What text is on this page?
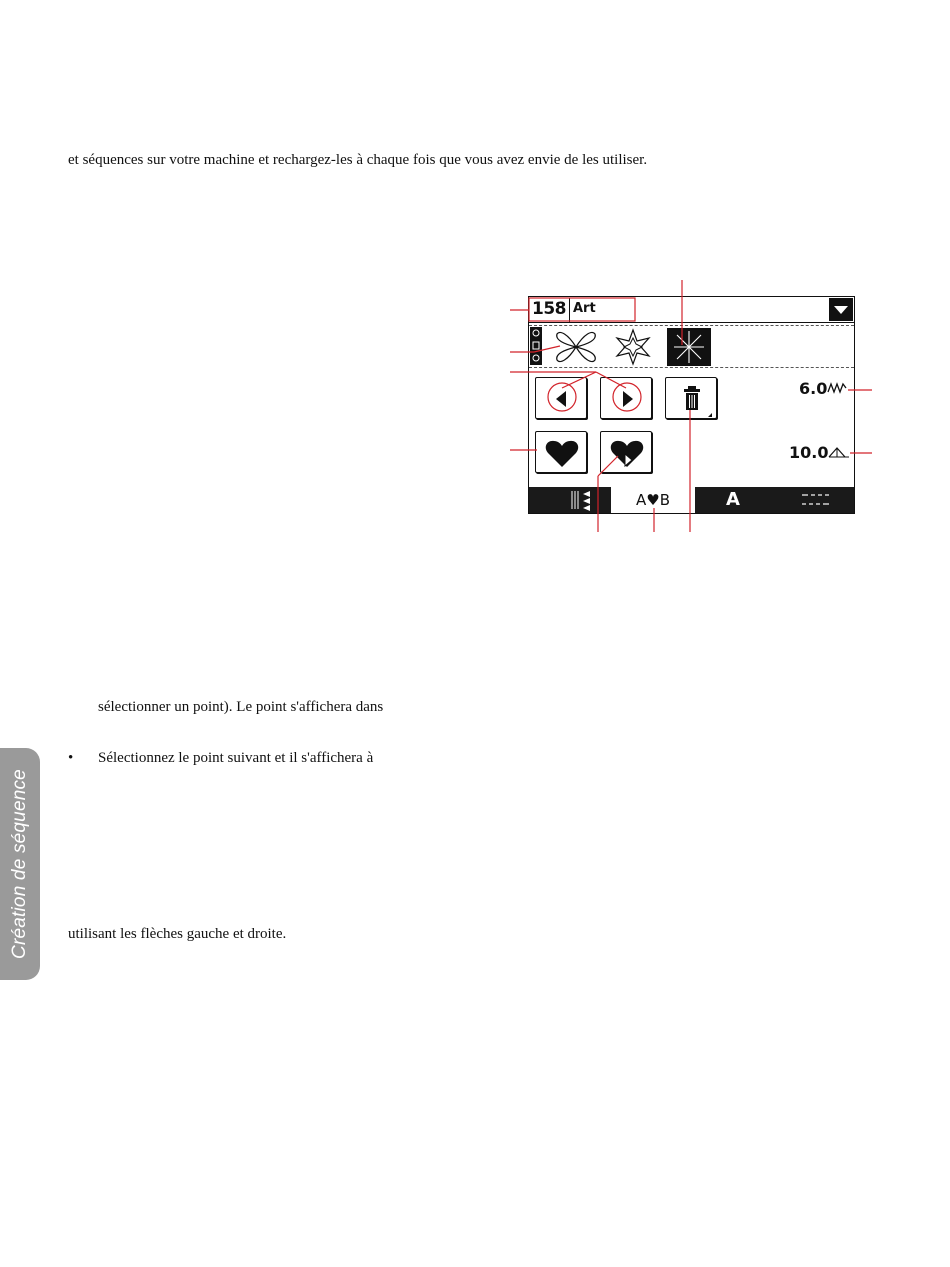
et séquences sur votre machine et rechargez-les à chaque fois que vous avez envie de les utiliser.
sélectionner un point). Le point s'affichera dans
• Sélectionnez le point suivant et il s'affichera à
utilisant les flèches gauche et droite.
Création de séquence
158 Art
6.0
10.0
A♥B	A
